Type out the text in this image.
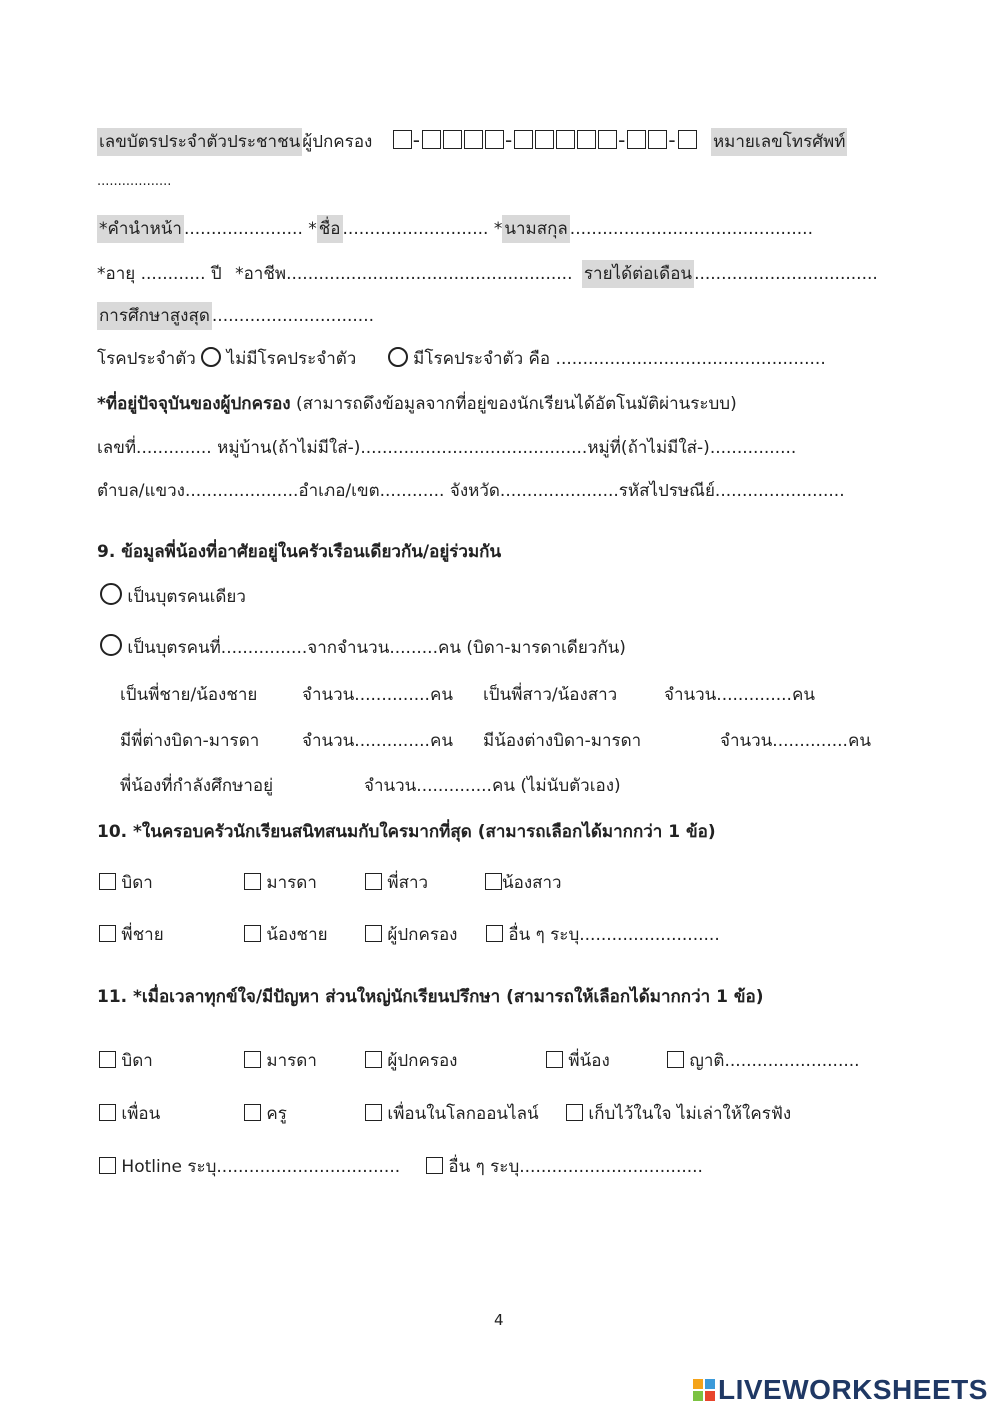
เลขบัตรประจำตัวประชาชน ผู้ปกครอง -	-	- - หมายเลขโทรศัพท์
..................
*คำนำหน้า ...................... * ชื่อ ........................... * นามสกุล .............................................
*อายุ ............ ปี *อาชีพ..................................................... รายได้ต่อเดือน ..................................
การศึกษาสูงสุด ..............................
โรคประจำตัว ไม่มีโรคประจำตัว	มีโรคประจำตัว คือ ..................................................
*ที่อยู่ปัจจุบันของผู้ปกครอง (สามารถดึงข้อมูลจากที่อยู่ของนักเรียนได้อัตโนมัติผ่านระบบ)
เลขที่.............. หมู่บ้าน(ถ้าไม่มีใส่-)..........................................หมู่ที่(ถ้าไม่มีใส่-)................
ตำบล/แขวง.....................อำเภอ/เขต............ จังหวัด......................รหัสไปรษณีย์........................
9. ข้อมูลพี่น้องที่อาศัยอยู่ในครัวเรือนเดียวกัน/อยู่ร่วมกัน
เป็นบุตรคนเดียว
เป็นบุตรคนที่................จากจำนวน.........คน (บิดา-มารดาเดียวกัน)
เป็นพี่ชาย/น้องชาย	จำนวน..............คน เป็นพี่สาว/น้องสาว	จำนวน..............คน
มีพี่ต่างบิดา-มารดา	จำนวน..............คน มีน้องต่างบิดา-มารดา	จำนวน..............คน
พี่น้องที่กำลังศึกษาอยู่	จำนวน..............คน (ไม่นับตัวเอง)
10. *ในครอบครัวนักเรียนสนิทสนมกับใครมากที่สุด (สามารถเลือกได้มากกว่า 1 ข้อ)
บิดา	มารดา	พี่สาว	น้องสาว
พี่ชาย	น้องชาย	ผู้ปกครอง	อื่น ๆ ระบุ..........................
11. *เมื่อเวลาทุกข์ใจ/มีปัญหา ส่วนใหญ่นักเรียนปรึกษา (สามารถให้เลือกได้มากกว่า 1 ข้อ)
บิดา	มารดา	ผู้ปกครอง	พี่น้อง	ญาติ.........................
เพื่อน	ครู	เพื่อนในโลกออนไลน์	เก็บไว้ในใจ ไม่เล่าให้ใครฟัง
Hotline ระบุ..................................	อื่น ๆ ระบุ..................................
4
LIVEWORKSHEETS
